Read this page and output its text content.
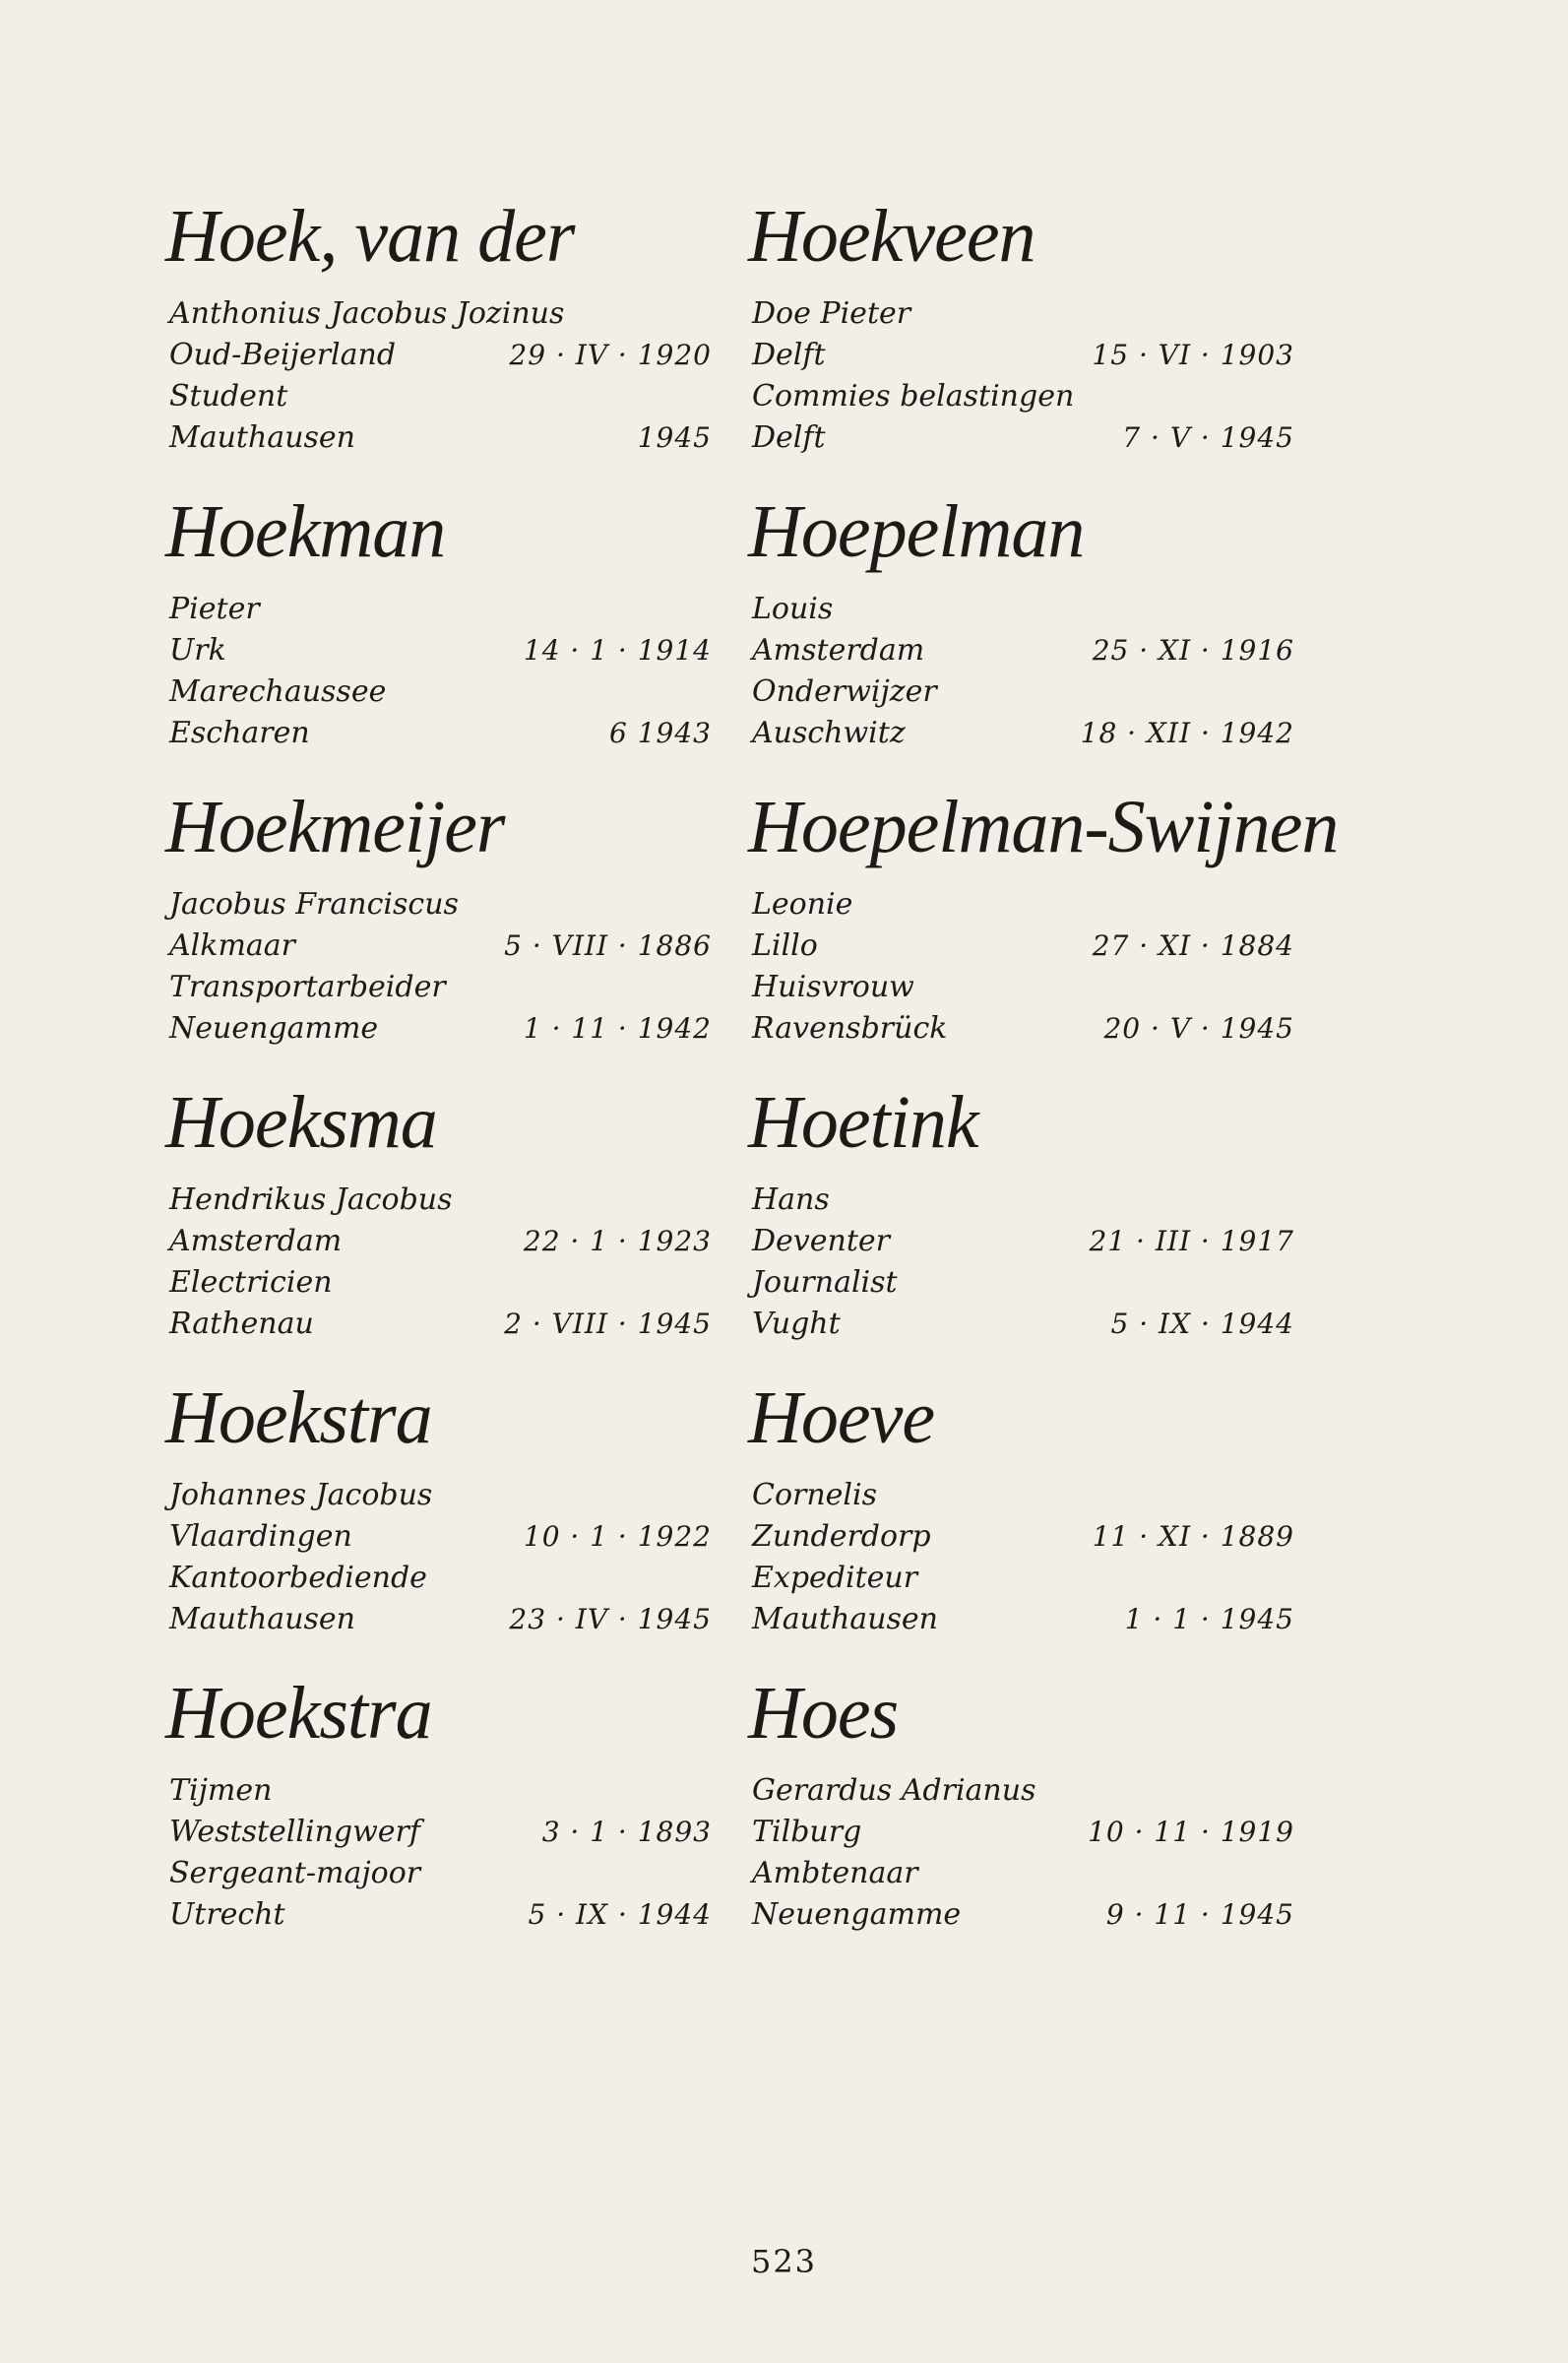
Hoek, van der
Anthonius Jacobus Jozinus
Oud-Beijerland	29 · IV · 1920
Student
Mauthausen	1945
Hoekman
Pieter
Urk	14 · 1 · 1914
Marechaussee
Escharen	6 1943
Hoekmeijer
Jacobus Franciscus
Alkmaar	5 · VIII · 1886
Transportarbeider
Neuengamme	1 · 11 · 1942
Hoeksma
Hendrikus Jacobus
Amsterdam	22 · 1 · 1923
Electricien
Rathenau	2 · VIII · 1945
Hoekstra
Johannes Jacobus
Vlaardingen	10 · 1 · 1922
Kantoorbediende
Mauthausen	23 · IV · 1945
Hoekstra
Tijmen
Weststellingwerf	3 · 1 · 1893
Sergeant-majoor
Utrecht	5 · IX · 1944
Hoekveen
Doe Pieter
Delft	15 · VI · 1903
Commies belastingen
Delft	7 · V · 1945
Hoepelman
Louis
Amsterdam	25 · XI · 1916
Onderwijzer
Auschwitz	18 · XII · 1942
Hoepelman-Swijnen
Leonie
Lillo	27 · XI · 1884
Huisvrouw
Ravensbrück	20 · V · 1945
Hoetink
Hans
Deventer	21 · III · 1917
Journalist
Vught	5 · IX · 1944
Hoeve
Cornelis
Zunderdorp	11 · XI · 1889
Expediteur
Mauthausen	1 · 1 · 1945
Hoes
Gerardus Adrianus
Tilburg	10 · 11 · 1919
Ambtenaar
Neuengamme	9 · 11 · 1945
523
